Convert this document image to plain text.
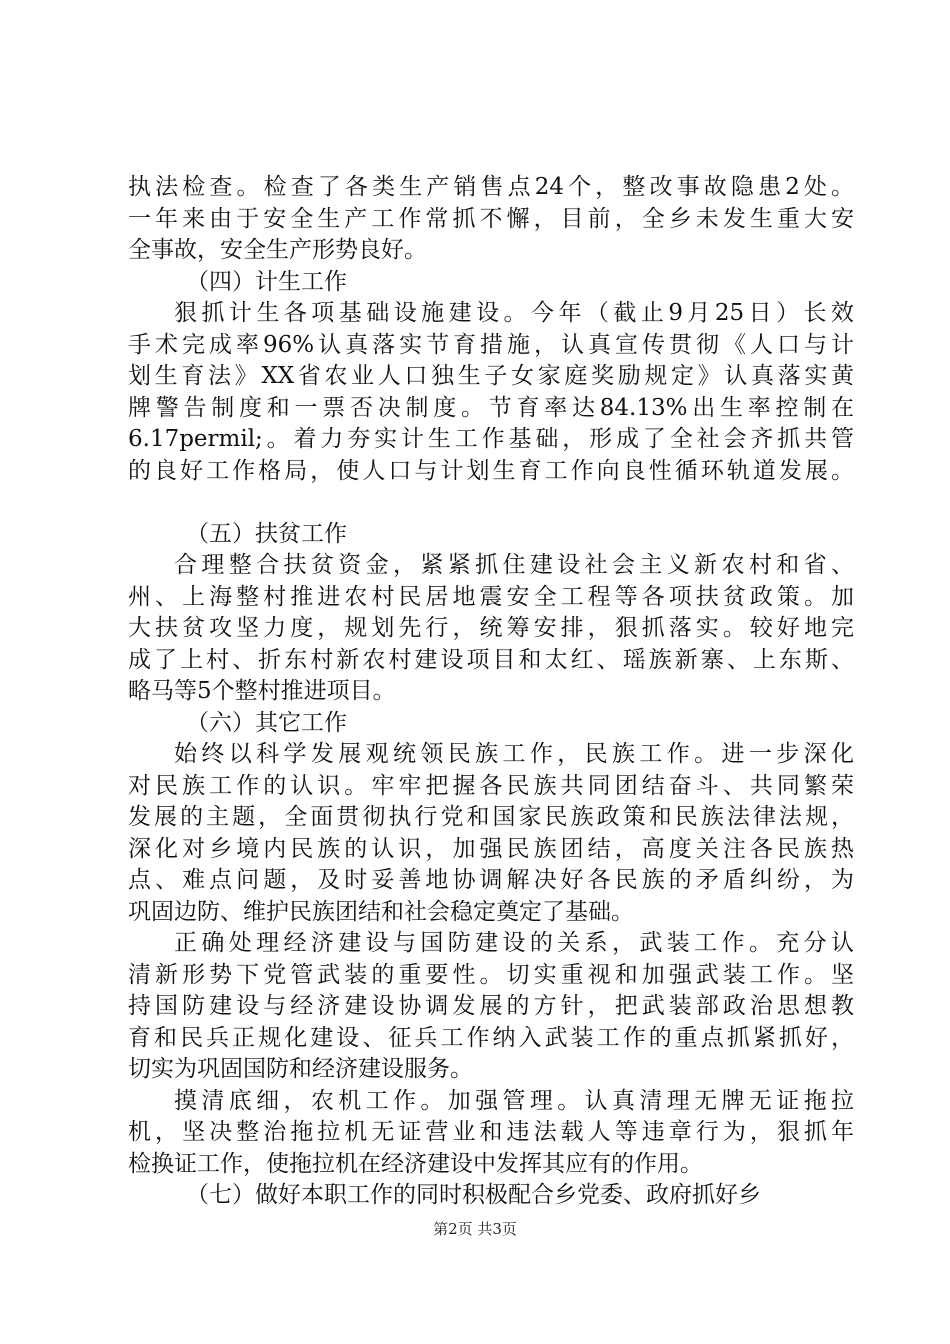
执法检查。检查了各类生产销售点24个，整改事故隐患2处。
一年来由于安全生产工作常抓不懈，目前，全乡未发生重大安
全事故，安全生产形势良好。
（四）计生工作
狠抓计生各项基础设施建设。今年（截止9月25日）长效
手术完成率96%认真落实节育措施，认真宣传贯彻《人口与计
划生育法》XX省农业人口独生子女家庭奖励规定》认真落实黄
牌警告制度和一票否决制度。节育率达84.13%出生率控制在
6.17permil;。着力夯实计生工作基础，形成了全社会齐抓共管
的良好工作格局，使人口与计划生育工作向良性循环轨道发展。
（五）扶贫工作
合理整合扶贫资金，紧紧抓住建设社会主义新农村和省、
州、上海整村推进农村民居地震安全工程等各项扶贫政策。加
大扶贫攻坚力度，规划先行，统筹安排，狠抓落实。较好地完
成了上村、折东村新农村建设项目和太红、瑶族新寨、上东斯、
略马等5个整村推进项目。
（六）其它工作
始终以科学发展观统领民族工作，民族工作。进一步深化
对民族工作的认识。牢牢把握各民族共同团结奋斗、共同繁荣
发展的主题，全面贯彻执行党和国家民族政策和民族法律法规，
深化对乡境内民族的认识，加强民族团结，高度关注各民族热
点、难点问题，及时妥善地协调解决好各民族的矛盾纠纷，为
巩固边防、维护民族团结和社会稳定奠定了基础。
正确处理经济建设与国防建设的关系，武装工作。充分认
清新形势下党管武装的重要性。切实重视和加强武装工作。坚
持国防建设与经济建设协调发展的方针，把武装部政治思想教
育和民兵正规化建设、征兵工作纳入武装工作的重点抓紧抓好，
切实为巩固国防和经济建设服务。
摸清底细，农机工作。加强管理。认真清理无牌无证拖拉
机，坚决整治拖拉机无证营业和违法载人等违章行为，狠抓年
检换证工作，使拖拉机在经济建设中发挥其应有的作用。
（七）做好本职工作的同时积极配合乡党委、政府抓好乡
第2页 共3页
